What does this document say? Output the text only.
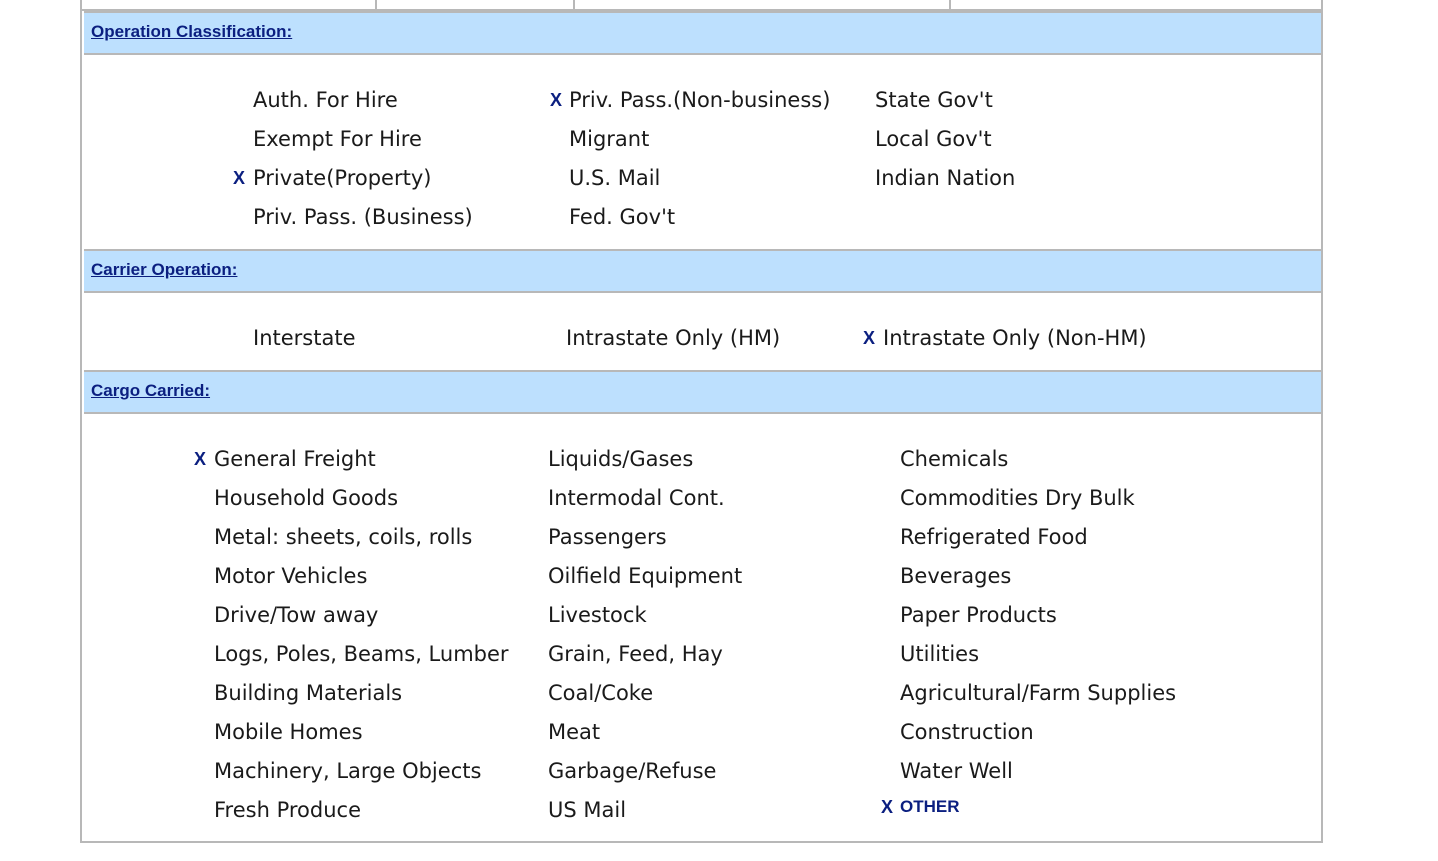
Operation Classification:
Auth. For Hire
Exempt For Hire
X Private(Property)
Priv. Pass. (Business)
X Priv. Pass.(Non-business)
Migrant
U.S. Mail
Fed. Gov't
State Gov't
Local Gov't
Indian Nation
Carrier Operation:
Interstate	Intrastate Only (HM)	X Intrastate Only (Non-HM)
Cargo Carried:
X General Freight
Household Goods
Metal: sheets, coils, rolls
Motor Vehicles
Drive/Tow away
Logs, Poles, Beams, Lumber
Building Materials
Mobile Homes
Machinery, Large Objects
Fresh Produce
Liquids/Gases
Intermodal Cont.
Passengers
Oilfield Equipment
Livestock
Grain, Feed, Hay
Coal/Coke
Meat
Garbage/Refuse
US Mail
Chemicals
Commodities Dry Bulk
Refrigerated Food
Beverages
Paper Products
Utilities
Agricultural/Farm Supplies
Construction
Water Well
X OTHER
